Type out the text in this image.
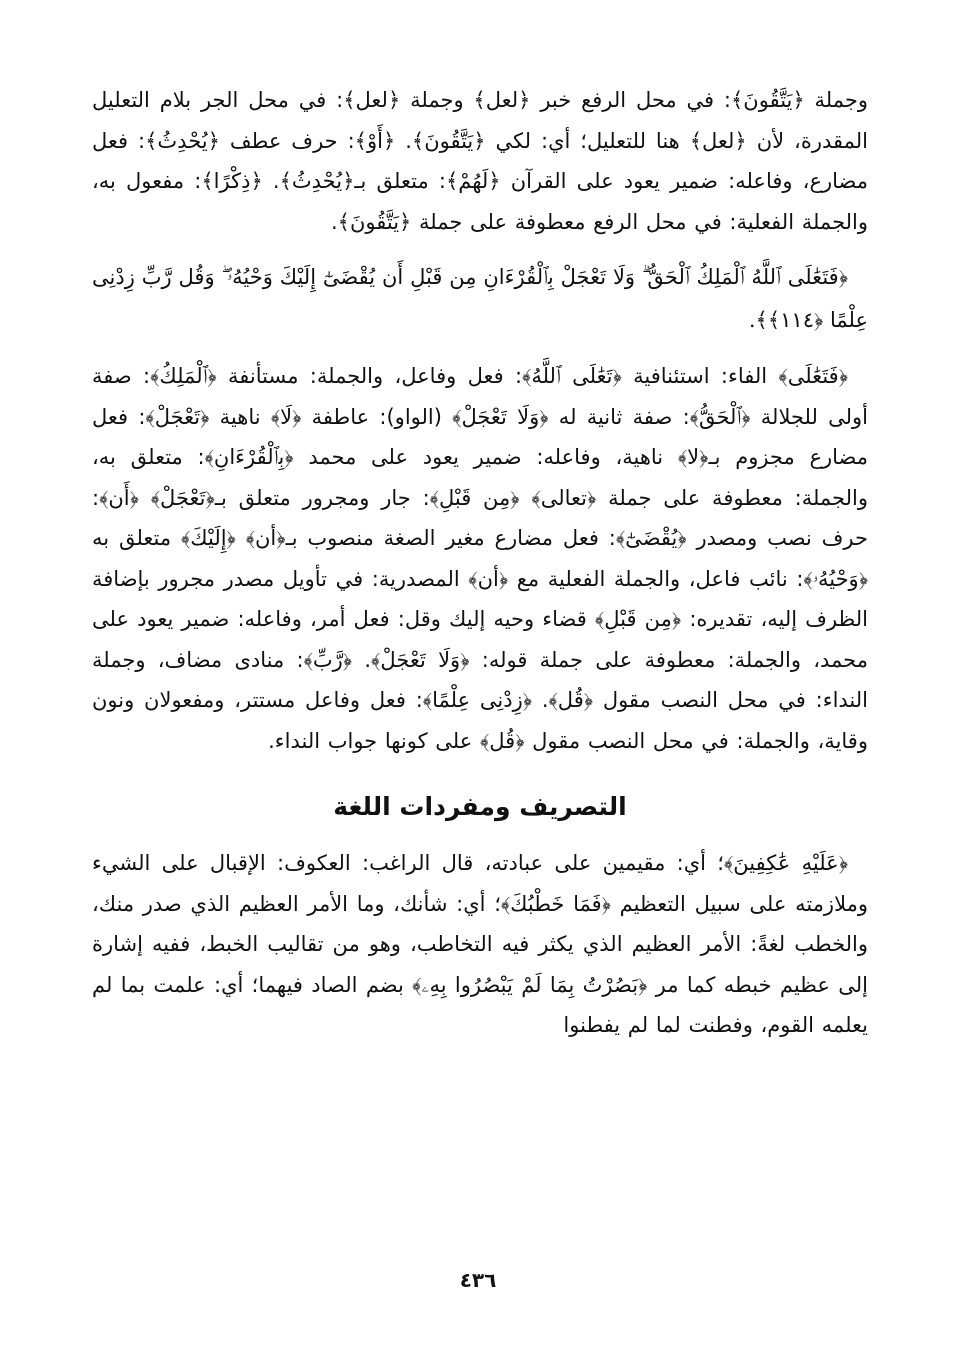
وجملة ﴿يَتَّقُونَ﴾: في محل الرفع خبر ﴿لعل﴾ وجملة ﴿لعل﴾: في محل الجر بلام التعليل المقدرة، لأن ﴿لعل﴾ هنا للتعليل؛ أي: لكي ﴿يَتَّقُونَ﴾. ﴿أَوْ﴾: حرف عطف ﴿يُحْدِثُ﴾: فعل مضارع، وفاعله: ضمير يعود على القرآن ﴿لَهُمْ﴾: متعلق بـ﴿يُحْدِثُ﴾. ﴿ذِكْرًا﴾: مفعول به، والجملة الفعلية: في محل الرفع معطوفة على جملة ﴿يَتَّقُونَ﴾.

﴿فَتَعَٰلَى ٱللَّهُ ٱلْمَلِكُ ٱلْحَقُّ ۗ وَلَا تَعْجَلْ بِٱلْقُرْءَانِ مِن قَبْلِ أَن يُقْضَىٰٓ إِلَيْكَ وَحْيُهُۥ ۖ وَقُل رَّبِّ زِدْنِى عِلْمًا ﴿١١٤﴾﴾.

﴿فَتَعَٰلَى﴾ الفاء: استئنافية ﴿تَعَٰلَى ٱللَّهُ﴾: فعل وفاعل، والجملة: مستأنفة ﴿ٱلْمَلِكُ﴾: صفة أولى للجلالة ﴿ٱلْحَقُّ﴾: صفة ثانية له ﴿وَلَا تَعْجَلْ﴾ (الواو): عاطفة ﴿لَا﴾ ناهية ﴿تَعْجَلْ﴾: فعل مضارع مجزوم بـ﴿لا﴾ ناهية، وفاعله: ضمير يعود على محمد ﴿بِٱلْقُرْءَانِ﴾: متعلق به، والجملة: معطوفة على جملة ﴿تعالى﴾ ﴿مِن قَبْلِ﴾: جار ومجرور متعلق بـ﴿تَعْجَلْ﴾ ﴿أَن﴾: حرف نصب ومصدر ﴿يُقْضَىٰٓ﴾: فعل مضارع مغير الصغة منصوب بـ﴿أن﴾ ﴿إِلَيْكَ﴾ متعلق به ﴿وَحْيُهُۥ﴾: نائب فاعل، والجملة الفعلية مع ﴿أن﴾ المصدرية: في تأويل مصدر مجرور بإضافة الظرف إليه، تقديره: ﴿مِن قَبْلِ﴾ قضاء وحيه إليك وقل: فعل أمر، وفاعله: ضمير يعود على محمد، والجملة: معطوفة على جملة قوله: ﴿وَلَا تَعْجَلْ﴾. ﴿رَّبِّ﴾: منادى مضاف، وجملة النداء: في محل النصب مقول ﴿قُل﴾. ﴿زِدْنِى عِلْمًا﴾: فعل وفاعل مستتر، ومفعولان ونون وقاية، والجملة: في محل النصب مقول ﴿قُل﴾ على كونها جواب النداء.

التصريف ومفردات اللغة

﴿عَلَيْهِ عَٰكِفِينَ﴾؛ أي: مقيمين على عبادته، قال الراغب: العكوف: الإقبال على الشيء وملازمته على سبيل التعظيم ﴿فَمَا خَطْبُكَ﴾؛ أي: شأنك، وما الأمر العظيم الذي صدر منك، والخطب لغةً: الأمر العظيم الذي يكثر فيه التخاطب، وهو من تقاليب الخبط، ففيه إشارة إلى عظيم خبطه كما مر ﴿بَصُرْتُ بِمَا لَمْ يَبْصُرُوا بِهِۦ﴾ بضم الصاد فيهما؛ أي: علمت بما لم يعلمه القوم، وفطنت لما لم يفطنوا

٤٣٦
